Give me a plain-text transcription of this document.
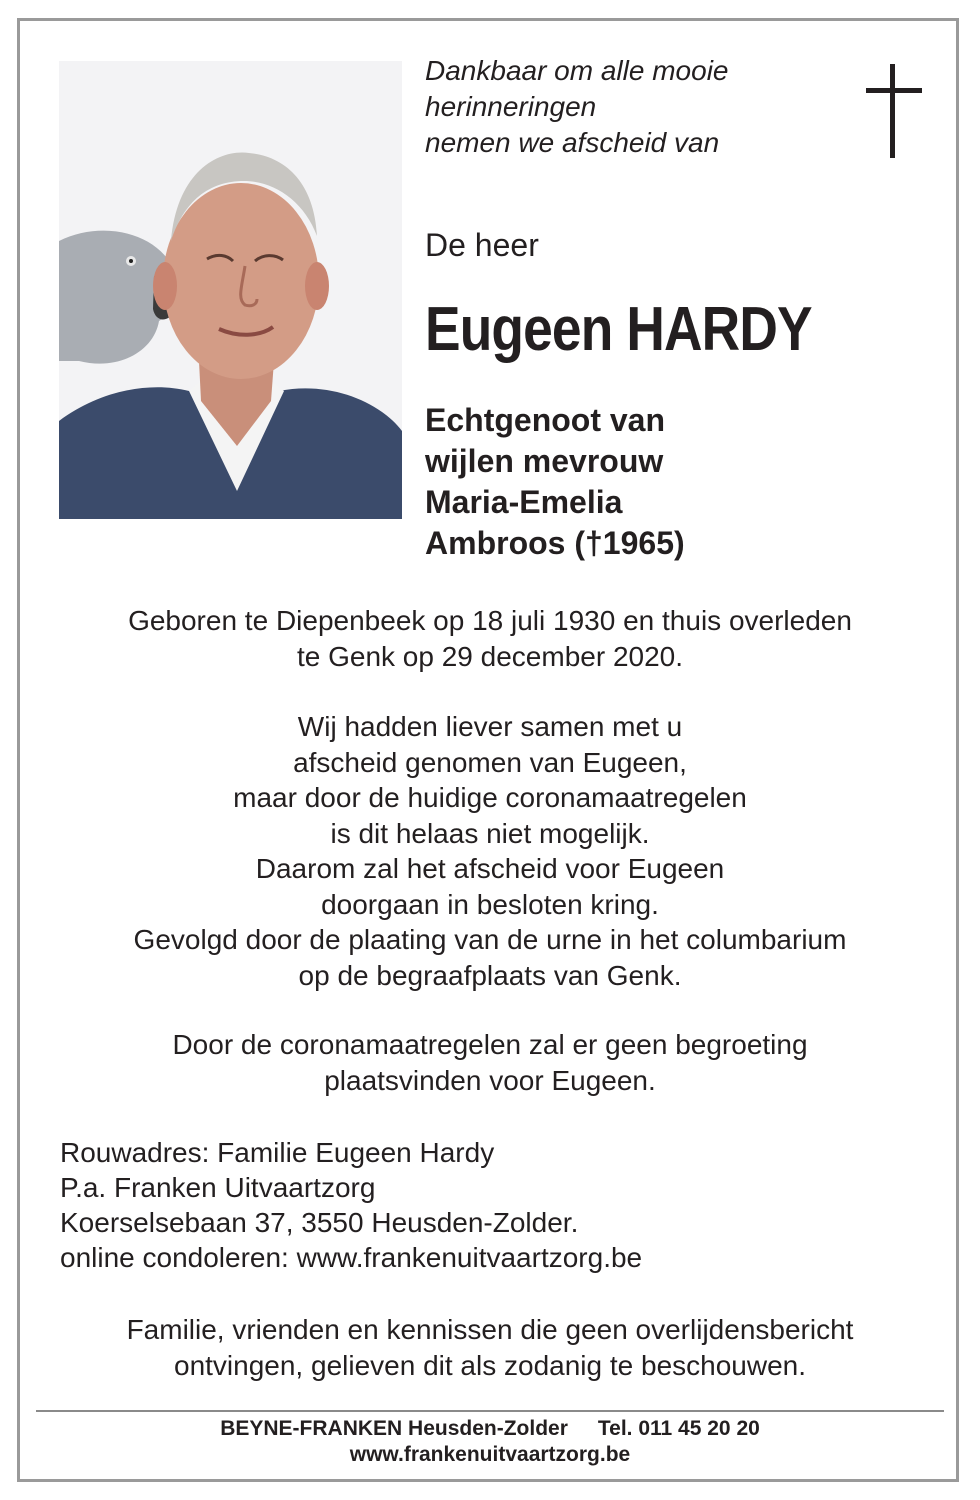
Dankbaar om alle mooie
herinneringen
nemen we afscheid van
De heer
Eugeen HARDY
Echtgenoot van
wijlen mevrouw
Maria-Emelia
Ambroos (†1965)
Geboren te Diepenbeek op 18 juli 1930 en thuis overleden
te Genk op 29 december 2020.
Wij hadden liever samen met u
afscheid genomen van Eugeen,
maar door de huidige coronamaatregelen
is dit helaas niet mogelijk.
Daarom zal het afscheid voor Eugeen
doorgaan in besloten kring.
Gevolgd door de plaating van de urne in het columbarium
op de begraafplaats van Genk.
Door de coronamaatregelen zal er geen begroeting
plaatsvinden voor Eugeen.
Rouwadres: Familie Eugeen Hardy
P.a. Franken Uitvaartzorg
Koerselsebaan 37, 3550 Heusden-Zolder.
online condoleren: www.frankenuitvaartzorg.be
Familie, vrienden en kennissen die geen overlijdensbericht
ontvingen, gelieven dit als zodanig te beschouwen.
BEYNE-FRANKEN Heusden-Zolder Tel. 011 45 20 20
www.frankenuitvaartzorg.be
